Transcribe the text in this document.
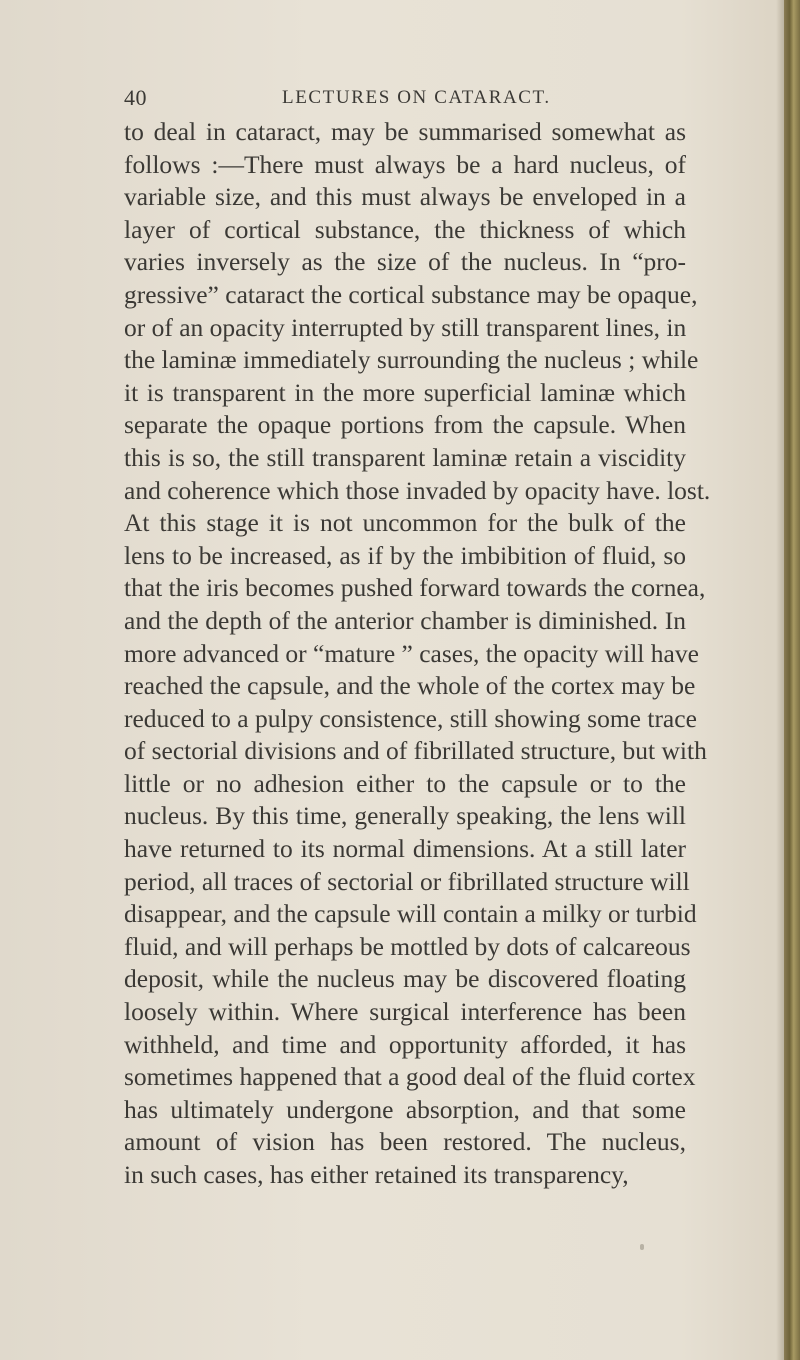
40	LECTURES ON CATARACT.
to deal in cataract, may be summarised somewhat as
follows :—There must always be a hard nucleus, of
variable size, and this must always be enveloped in a
layer of cortical substance, the thickness of which
varies inversely as the size of the nucleus. In “pro-
gressive” cataract the cortical substance may be opaque,
or of an opacity interrupted by still transparent lines, in
the laminæ immediately surrounding the nucleus ; while
it is transparent in the more superficial laminæ which
separate the opaque portions from the capsule. When
this is so, the still transparent laminæ retain a viscidity
and coherence which those invaded by opacity have. lost.
At this stage it is not uncommon for the bulk of the
lens to be increased, as if by the imbibition of fluid, so
that the iris becomes pushed forward towards the cornea,
and the depth of the anterior chamber is diminished. In
more advanced or “mature ” cases, the opacity will have
reached the capsule, and the whole of the cortex may be
reduced to a pulpy consistence, still showing some trace
of sectorial divisions and of fibrillated structure, but with
little or no adhesion either to the capsule or to the
nucleus. By this time, generally speaking, the lens will
have returned to its normal dimensions. At a still later
period, all traces of sectorial or fibrillated structure will
disappear, and the capsule will contain a milky or turbid
fluid, and will perhaps be mottled by dots of calcareous
deposit, while the nucleus may be discovered floating
loosely within. Where surgical interference has been
withheld, and time and opportunity afforded, it has
sometimes happened that a good deal of the fluid cortex
has ultimately undergone absorption, and that some
amount of vision has been restored. The nucleus,
in such cases, has either retained its transparency,
